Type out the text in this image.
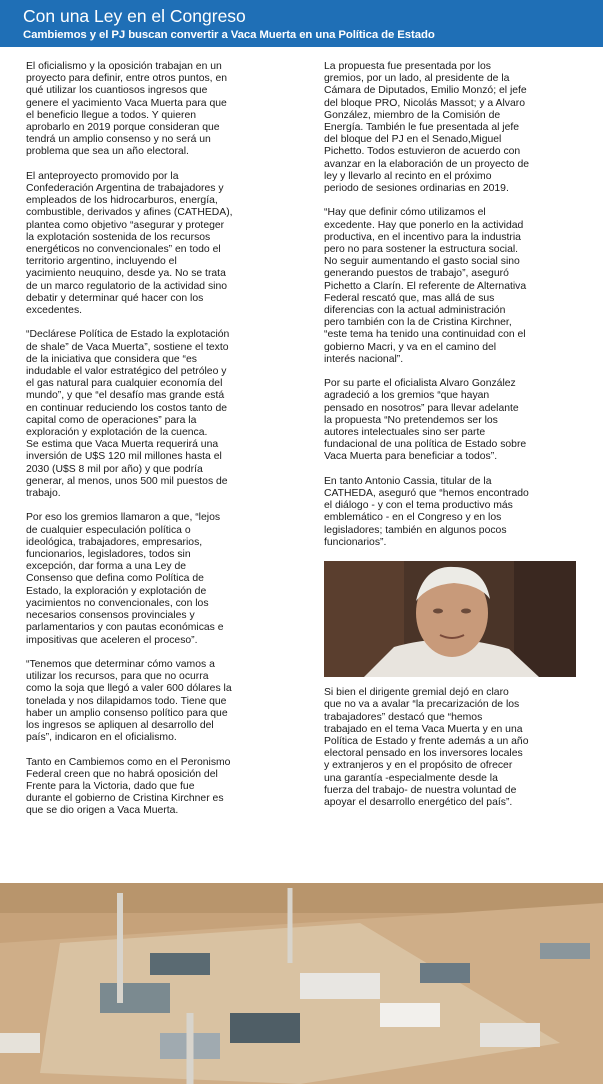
Con una Ley en el Congreso
Cambiemos y el PJ buscan convertir a Vaca Muerta en una Política de Estado

El oficialismo y la oposición trabajan en un
proyecto para definir, entre otros puntos, en
qué utilizar los cuantiosos ingresos que
genere el yacimiento Vaca Muerta para que
el beneficio llegue a todos. Y quieren
aprobarlo en 2019 porque consideran que
tendrá un amplio consenso y no será un
problema que sea un año electoral.

El anteproyecto promovido por la
Confederación Argentina de trabajadores y
empleados de los hidrocarburos, energía,
combustible, derivados y afines (CATHEDA),
plantea como objetivo “asegurar y proteger
la explotación sostenida de los recursos
energéticos no convencionales” en todo el
territorio argentino, incluyendo el
yacimiento neuquino, desde ya. No se trata
de un marco regulatorio de la actividad sino
debatir y determinar qué hacer con los
excedentes.

“Declárese Política de Estado la explotación
de shale” de Vaca Muerta”, sostiene el texto
de la iniciativa que considera que “es
indudable el valor estratégico del petróleo y
el gas natural para cualquier economía del
mundo”, y que “el desafío mas grande está
en continuar reduciendo los costos tanto de
capital como de operaciones” para la
exploración y explotación de la cuenca.
Se estima que Vaca Muerta requerirá una
inversión de U$S 120 mil millones hasta el
2030 (U$S 8 mil por año) y que podría
generar, al menos, unos 500 mil puestos de
trabajo.

Por eso los gremios llamaron a que, “lejos
de cualquier especulación política o
ideológica, trabajadores, empresarios,
funcionarios, legisladores, todos sin
excepción, dar forma a una Ley de
Consenso que defina como Política de
Estado, la exploración y explotación de
yacimientos no convencionales, con los
necesarios consensos provinciales y
parlamentarios y con pautas económicas e
impositivas que aceleren el proceso”.

“Tenemos que determinar cómo vamos a
utilizar los recursos, para que no ocurra
como la soja que llegó a valer 600 dólares la
tonelada y nos dilapidamos todo. Tiene que
haber un amplio consenso político para que
los ingresos se apliquen al desarrollo del
país”, indicaron en el oficialismo.

Tanto en Cambiemos como en el Peronismo
Federal creen que no habrá oposición del
Frente para la Victoria, dado que fue
durante el gobierno de Cristina Kirchner es
que se dio origen a Vaca Muerta.

La propuesta fue presentada por los
gremios, por un lado, al presidente de la
Cámara de Diputados, Emilio Monzó; el jefe
del bloque PRO, Nicolás Massot; y a Alvaro
González, miembro de la Comisión de
Energía. También le fue presentada al jefe
del bloque del PJ en el Senado,Miguel
Pichetto. Todos estuvieron de acuerdo con
avanzar en la elaboración de un proyecto de
ley y llevarlo al recinto en el próximo
periodo de sesiones ordinarias en 2019.

“Hay que definir cómo utilizamos el
excedente. Hay que ponerlo en la actividad
productiva, en el incentivo para la industria
pero no para sostener la estructura social.
No seguir aumentando el gasto social sino
generando puestos de trabajo”, aseguró
Pichetto a Clarín. El referente de Alternativa
Federal rescató que, mas allá de sus
diferencias con la actual administración
pero también con la de Cristina Kirchner,
“este tema ha tenido una continuidad con el
gobierno Macri, y va en el camino del
interés nacional”.

Por su parte el oficialista Alvaro González
agradeció a los gremios “que hayan
pensado en nosotros” para llevar adelante
la propuesta “No pretendemos ser los
autores intelectuales sino ser parte
fundacional de una política de Estado sobre
Vaca Muerta para beneficiar a todos”.

En tanto Antonio Cassia, titular de la
CATHEDA, aseguró que “hemos encontrado
el diálogo - y con el tema productivo más
emblemático - en el Congreso y en los
legisladores; también en algunos pocos
funcionarios”.

Si bien el dirigente gremial dejó en claro
que no va a avalar “la precarización de los
trabajadores” destacó que “hemos
trabajado en el tema Vaca Muerta y en una
Política de Estado y frente además a un año
electoral pensado en los inversores locales
y extranjeros y en el propósito de ofrecer
una garantía -especialmente desde la
fuerza del trabajo- de nuestra voluntad de
apoyar el desarrollo energético del país”.
